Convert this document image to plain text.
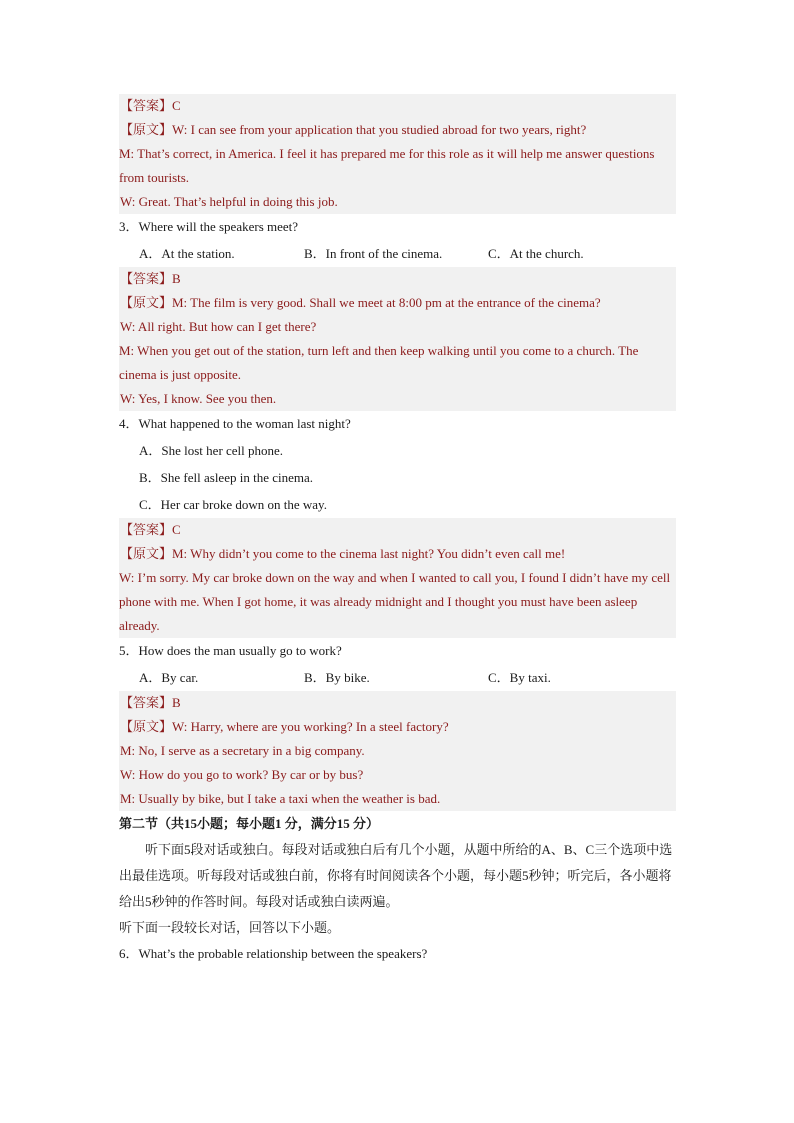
【答案】C
【原文】W: I can see from your application that you studied abroad for two years, right?
M: That’s correct, in America. I feel it has prepared me for this role as it will help me answer questions from tourists.
W: Great. That’s helpful in doing this job.
3．Where will the speakers meet?
A．At the station.	B．In front of the cinema.	C．At the church.
【答案】B
【原文】M: The film is very good. Shall we meet at 8:00 pm at the entrance of the cinema?
W: All right. But how can I get there?
M: When you get out of the station, turn left and then keep walking until you come to a church. The cinema is just opposite.
W: Yes, I know. See you then.
4．What happened to the woman last night?
A．She lost her cell phone.
B．She fell asleep in the cinema.
C．Her car broke down on the way.
【答案】C
【原文】M: Why didn’t you come to the cinema last night? You didn’t even call me!
W: I’m sorry. My car broke down on the way and when I wanted to call you, I found I didn’t have my cell phone with me. When I got home, it was already midnight and I thought you must have been asleep already.
5．How does the man usually go to work?
A．By car.	B．By bike.	C．By taxi.
【答案】B
【原文】W: Harry, where are you working? In a steel factory?
M: No, I serve as a secretary in a big company.
W: How do you go to work? By car or by bus?
M: Usually by bike, but I take a taxi when the weather is bad.
第二节（共15小题；每小题1 分，满分15 分）
听下面5段对话或独白。每段对话或独白后有几个小题，从题中所给的A、B、C三个选项中选出最佳选项。听每段对话或独白前，你将有时间阅读各个小题，每小题5秒钟；听完后，各小题将给出5秒钟的作答时间。每段对话或独白读两遍。
听下面一段较长对话，回答以下小题。
6．What’s the probable relationship between the speakers?
